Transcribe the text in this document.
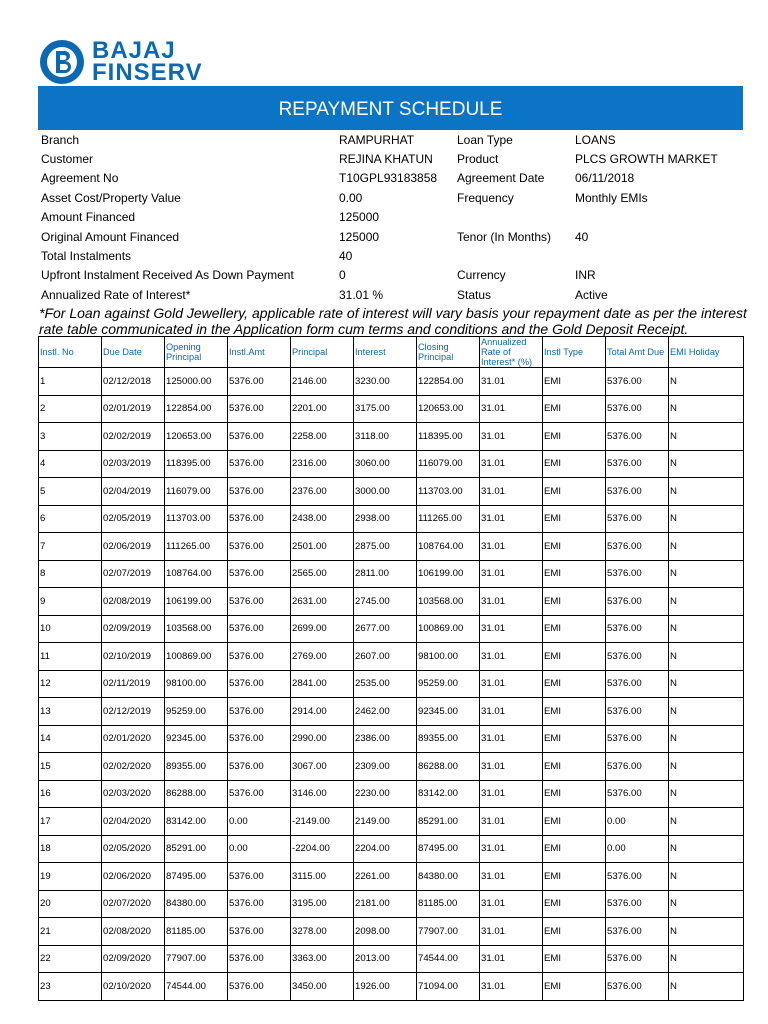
BAJAJ
FINSERV
REPAYMENT SCHEDULE
Branch	RAMPURHAT	Loan Type	LOANS
Customer	REJINA KHATUN	Product	PLCS GROWTH MARKET
Agreement No	T10GPL93183858	Agreement Date	06/11/2018
Asset Cost/Property Value	0.00	Frequency	Monthly EMIs
Amount Financed	125000		
Original Amount Financed	125000	Tenor (In Months)	40
Total Instalments	40		
Upfront Instalment Received As Down Payment	0	Currency	INR
Annualized Rate of Interest*	31.01 %	Status	Active
*For Loan against Gold Jewellery, applicable rate of interest will vary basis your repayment date as per the interest rate table communicated in the Application form cum terms and conditions and the Gold Deposit Receipt.
Instl. No	Due Date	Opening Principal	Instl.Amt	Principal	Interest	Closing Principal	Annualized Rate of Interest* (%)	Instl Type	Total Amt Due	EMI Holiday
1	02/12/2018	125000.00	5376.00	2146.00	3230.00	122854.00	31.01	EMI	5376.00	N
2	02/01/2019	122854.00	5376.00	2201.00	3175.00	120653.00	31.01	EMI	5376.00	N
3	02/02/2019	120653.00	5376.00	2258.00	3118.00	118395.00	31.01	EMI	5376.00	N
4	02/03/2019	118395.00	5376.00	2316.00	3060.00	116079.00	31.01	EMI	5376.00	N
5	02/04/2019	116079.00	5376.00	2376.00	3000.00	113703.00	31.01	EMI	5376.00	N
6	02/05/2019	113703.00	5376.00	2438.00	2938.00	111265.00	31.01	EMI	5376.00	N
7	02/06/2019	111265.00	5376.00	2501.00	2875.00	108764.00	31.01	EMI	5376.00	N
8	02/07/2019	108764.00	5376.00	2565.00	2811.00	106199.00	31.01	EMI	5376.00	N
9	02/08/2019	106199.00	5376.00	2631.00	2745.00	103568.00	31.01	EMI	5376.00	N
10	02/09/2019	103568.00	5376.00	2699.00	2677.00	100869.00	31.01	EMI	5376.00	N
11	02/10/2019	100869.00	5376.00	2769.00	2607.00	98100.00	31.01	EMI	5376.00	N
12	02/11/2019	98100.00	5376.00	2841.00	2535.00	95259.00	31.01	EMI	5376.00	N
13	02/12/2019	95259.00	5376.00	2914.00	2462.00	92345.00	31.01	EMI	5376.00	N
14	02/01/2020	92345.00	5376.00	2990.00	2386.00	89355.00	31.01	EMI	5376.00	N
15	02/02/2020	89355.00	5376.00	3067.00	2309.00	86288.00	31.01	EMI	5376.00	N
16	02/03/2020	86288.00	5376.00	3146.00	2230.00	83142.00	31.01	EMI	5376.00	N
17	02/04/2020	83142.00	0.00	-2149.00	2149.00	85291.00	31.01	EMI	0.00	N
18	02/05/2020	85291.00	0.00	-2204.00	2204.00	87495.00	31.01	EMI	0.00	N
19	02/06/2020	87495.00	5376.00	3115.00	2261.00	84380.00	31.01	EMI	5376.00	N
20	02/07/2020	84380.00	5376.00	3195.00	2181.00	81185.00	31.01	EMI	5376.00	N
21	02/08/2020	81185.00	5376.00	3278.00	2098.00	77907.00	31.01	EMI	5376.00	N
22	02/09/2020	77907.00	5376.00	3363.00	2013.00	74544.00	31.01	EMI	5376.00	N
23	02/10/2020	74544.00	5376.00	3450.00	1926.00	71094.00	31.01	EMI	5376.00	N
